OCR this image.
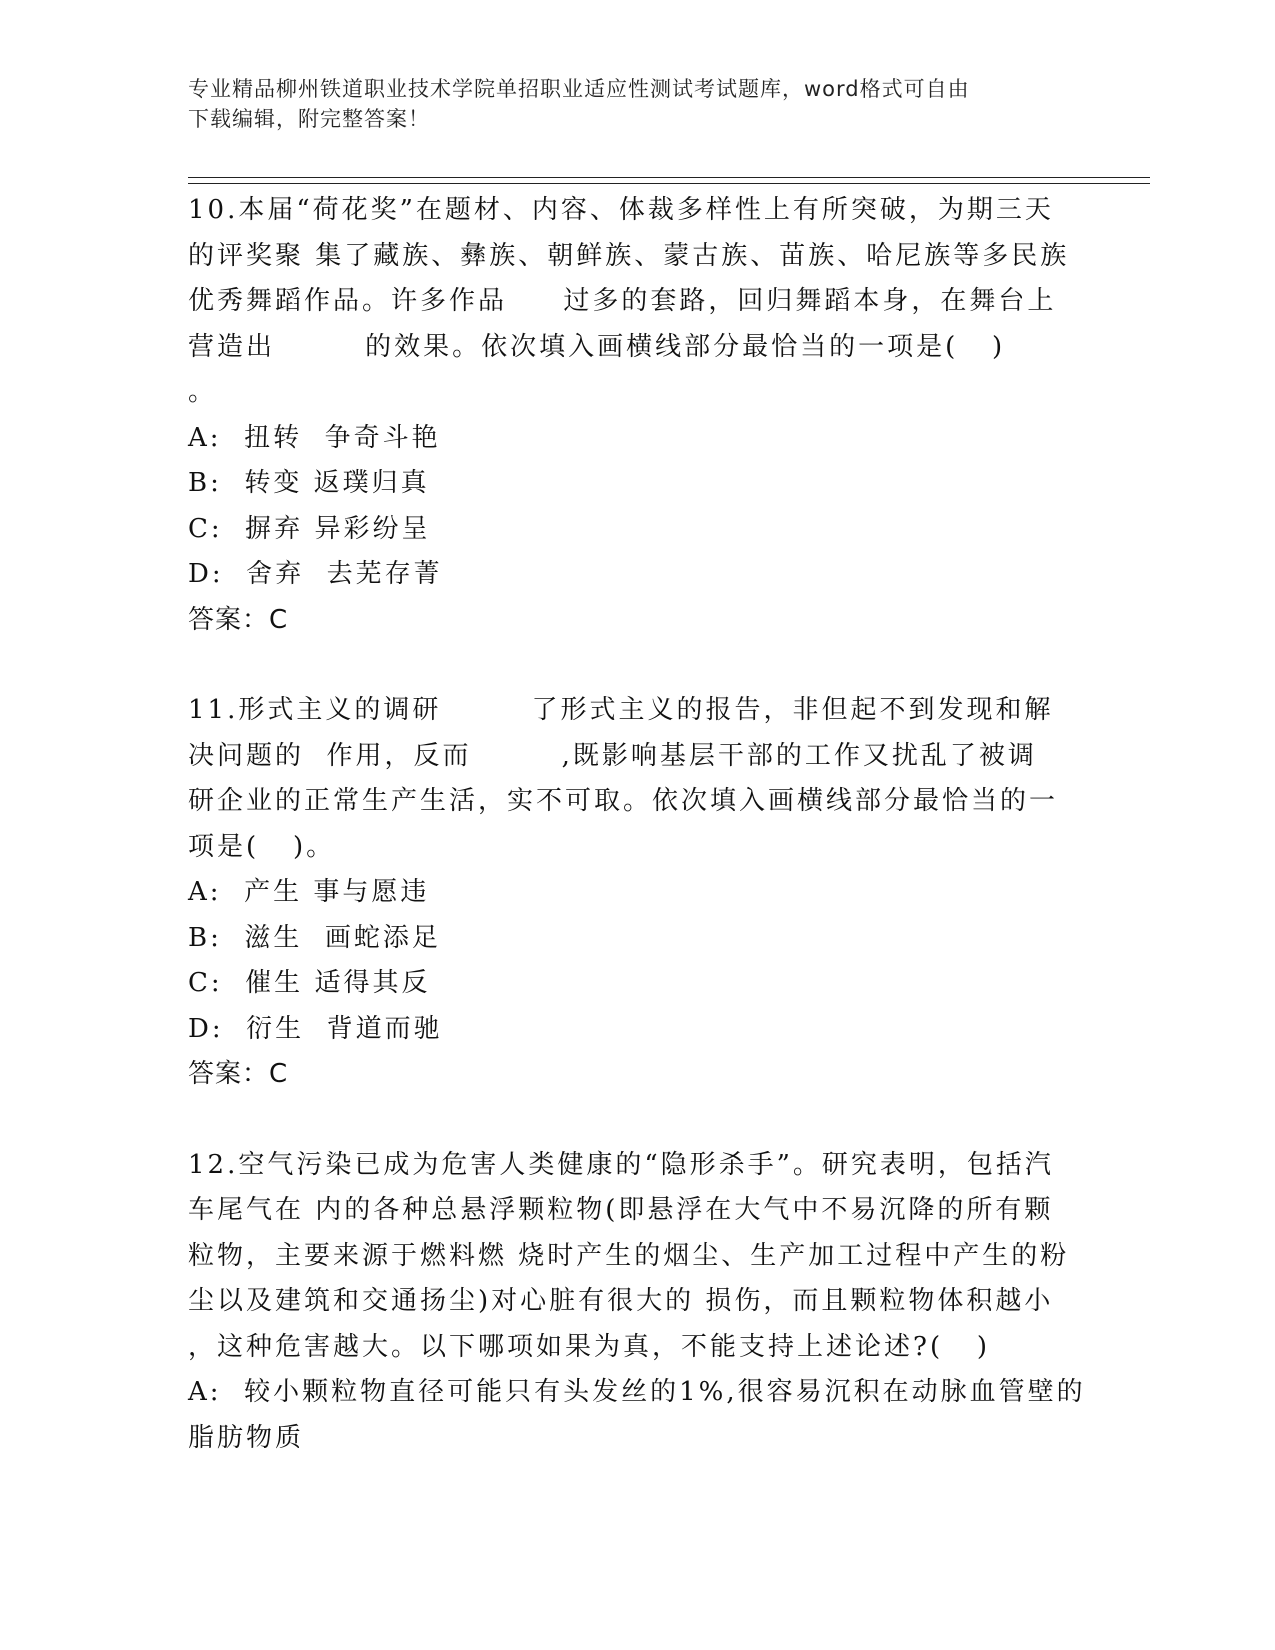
专业精品柳州铁道职业技术学院单招职业适应性测试考试题库，word格式可自由
下载编辑，附完整答案！
10.本届“荷花奖”在题材、内容、体裁多样性上有所突破，为期三天
的评奖聚 集了藏族、彝族、朝鲜族、蒙古族、苗族、哈尼族等多民族
优秀舞蹈作品。许多作品     过多的套路，回归舞蹈本身，在舞台上
营造出        的效果。依次填入画横线部分最恰当的一项是(   )
。
A:  扭转  争奇斗艳
B:  转变 返璞归真
C:  摒弃 异彩纷呈
D:  舍弃  去芜存菁
答案：C
11.形式主义的调研        了形式主义的报告，非但起不到发现和解
决问题的  作用，反而        ,既影响基层干部的工作又扰乱了被调
研企业的正常生产生活，实不可取。依次填入画横线部分最恰当的一
项是(   )。
A:  产生 事与愿违
B:  滋生  画蛇添足
C:  催生 适得其反
D:  衍生  背道而驰
答案：C
12.空气污染已成为危害人类健康的“隐形杀手”。研究表明，包括汽
车尾气在 内的各种总悬浮颗粒物(即悬浮在大气中不易沉降的所有颗
粒物，主要来源于燃料燃 烧时产生的烟尘、生产加工过程中产生的粉
尘以及建筑和交通扬尘)对心脏有很大的 损伤，而且颗粒物体积越小
，这种危害越大。以下哪项如果为真，不能支持上述论述?(   )
A:  较小颗粒物直径可能只有头发丝的1%,很容易沉积在动脉血管壁的
脂肪物质
